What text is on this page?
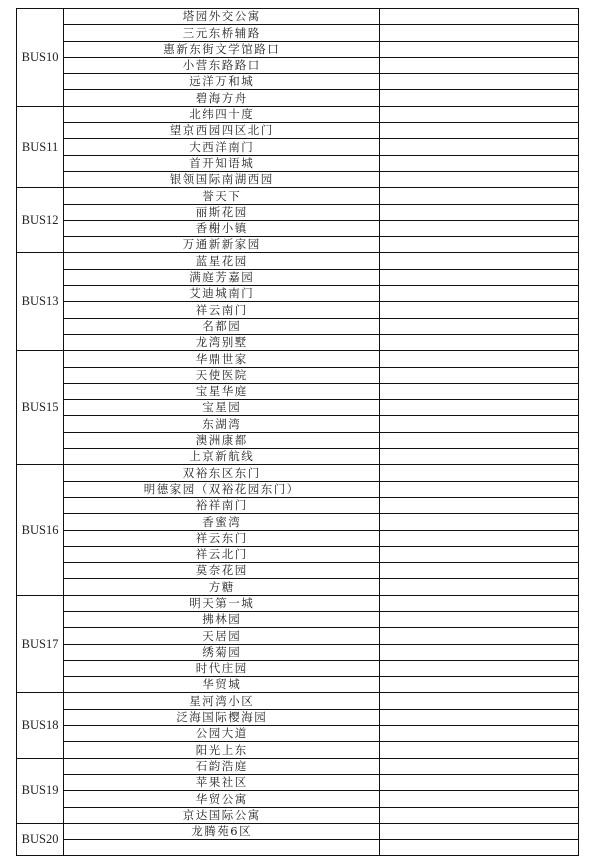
BUS10	塔园外交公寓	
	三元东桥辅路	
	惠新东街文学馆路口	
	小营东路路口	
	远洋万和城	
	碧海方舟	
BUS11	北纬四十度	
	望京西园四区北门	
	大西洋南门	
	首开知语城	
	银领国际南湖西园	
BUS12	誉天下	
	丽斯花园	
	香榭小镇	
	万通新新家园	
BUS13	蓝星花园	
	满庭芳嘉园	
	艾迪城南门	
	祥云南门	
	名都园	
	龙湾别墅	
BUS15	华鼎世家	
	天使医院	
	宝星华庭	
	宝星园	
	东湖湾	
	澳洲康都	
	上京新航线	
BUS16	双裕东区东门	
	明德家园（双裕花园东门）	
	裕祥南门	
	香蜜湾	
	祥云东门	
	祥云北门	
	莫奈花园	
	方糖	
BUS17	明天第一城	
	拂林园	
	天居园	
	绣菊园	
	时代庄园	
	华贸城	
BUS18	星河湾小区	
	泛海国际樱海园	
	公园大道	
	阳光上东	
BUS19	石韵浩庭	
	苹果社区	
	华贸公寓	
	京达国际公寓	
BUS20	龙腾苑6区	
